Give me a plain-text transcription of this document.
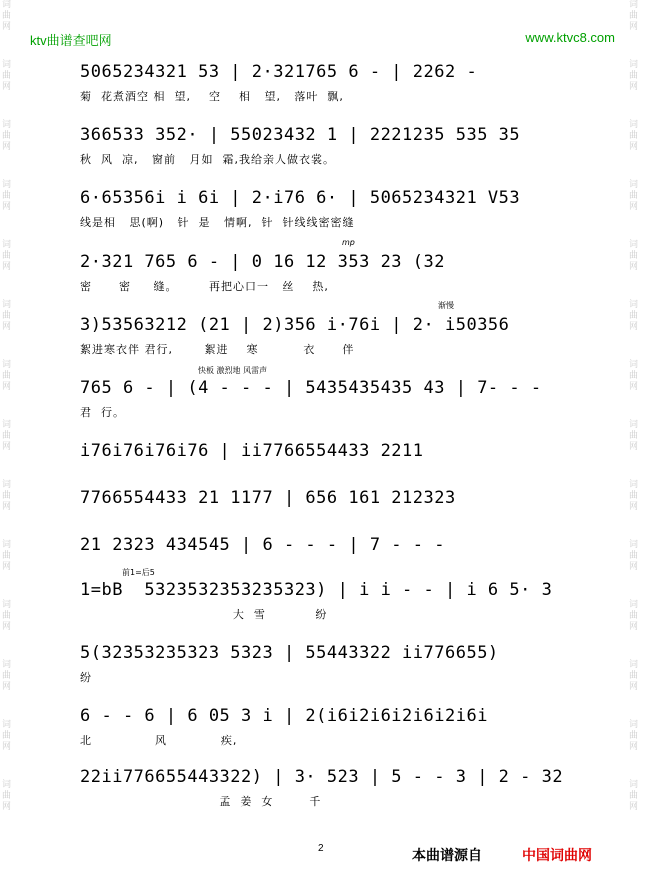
词曲网
词曲网
词曲网
词曲网
词曲网
词曲网
词曲网
词曲网
词曲网
词曲网
词曲网
词曲网
词曲网
词曲网
词曲网
词曲网
词曲网
词曲网
词曲网
词曲网
词曲网
词曲网
词曲网
词曲网
词曲网
词曲网
词曲网
词曲网
ktv曲谱查吧网	www.ktvc8.com
5065234321 53 | 2·321765 6 - | 2262 -
菊  花煮酒空 相  望,    空    相   望,   落叶  飘,
366533 352· | 55023432 1 | 2221235 535 35
秋  风  凉,   窗前   月如  霜,我给亲人做衣裳。
6·65356i i 6i | 2·i76 6· | 5065234321 V53
线是相   思(啊)   针  是   情啊,  针  针线线密密缝
mp
2·321 765 6 - | 0 16 12 353 23 (32
密      密     缝。       再把心口一   丝    热,
渐慢
3)53563212 (21 | 2)356 i·76i | 2· i50356
絮进寒衣伴 君行,       絮进    寒          衣      伴
快板 激烈地 风雷声
765 6 - | (4 - - - | 5435435435 43 | 7- - -
君  行。
i76i76i76i76 | ii7766554433 2211
7766554433 21 1177 | 656 161 212323
21 2323 434545 | 6 - - - | 7 - - -
前1=后5
1=bB  5323532353235323) | i i - - | i 6 5· 3
大  雪           纷
5(32353235323 5323 | 55443322 ii776655)
纷
6 - - 6 | 6 05 3 i | 2(i6i2i6i2i6i2i6i
北              风            疾,
22ii776655443322) | 3· 523 | 5 - - 3 | 2 - 32
孟  姜  女        千
2	本曲谱源自	中国词曲网
